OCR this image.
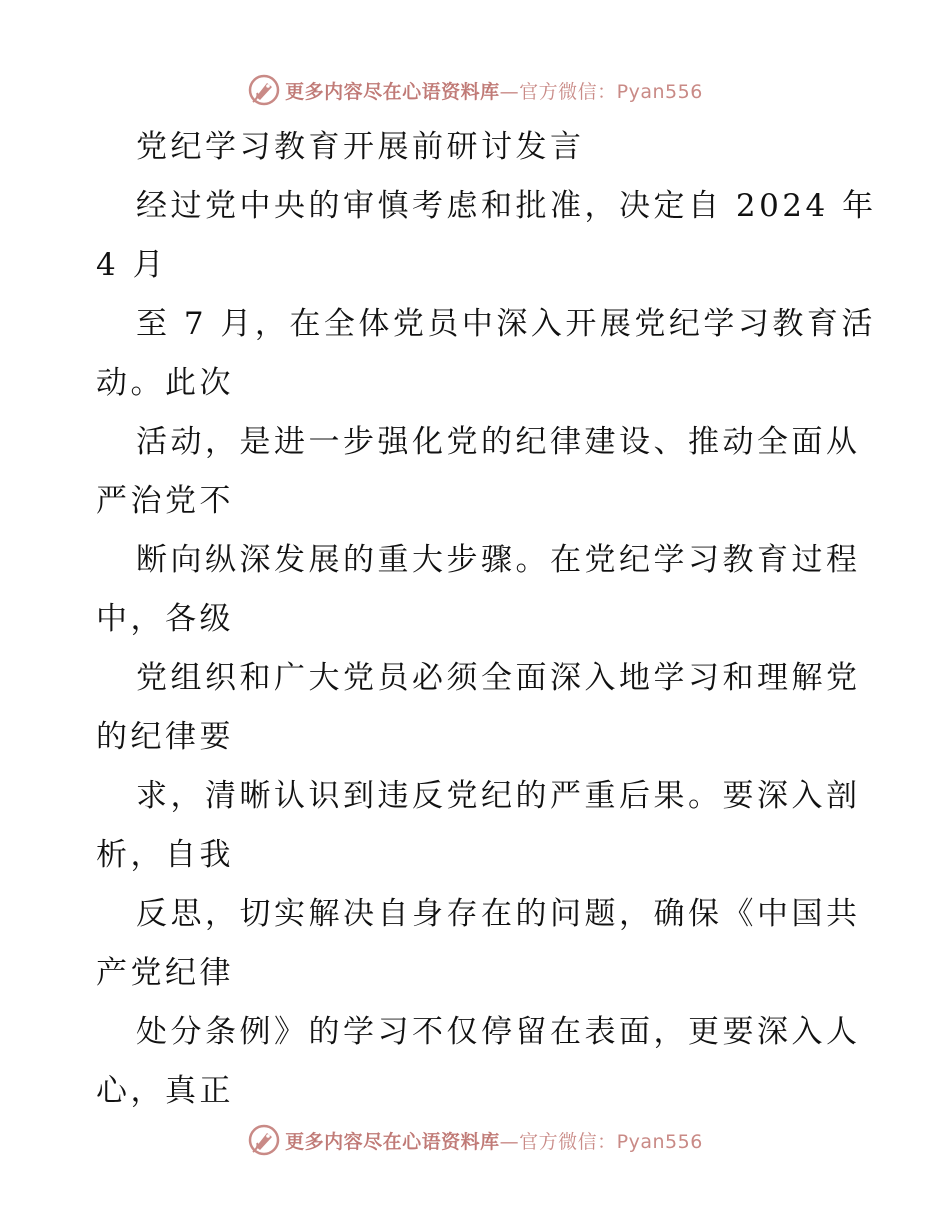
更多内容尽在心语资料库—官方微信：Pyan556
党纪学习教育开展前研讨发言
经过党中央的审慎考虑和批准，决定自 2024 年
4 月
至 7 月，在全体党员中深入开展党纪学习教育活
动。此次
活动，是进一步强化党的纪律建设、推动全面从
严治党不
断向纵深发展的重大步骤。在党纪学习教育过程
中，各级
党组织和广大党员必须全面深入地学习和理解党
的纪律要
求，清晰认识到违反党纪的严重后果。要深入剖
析，自我
反思，切实解决自身存在的问题，确保《中国共
产党纪律
处分条例》的学习不仅停留在表面，更要深入人
心，真正
更多内容尽在心语资料库—官方微信：Pyan556
